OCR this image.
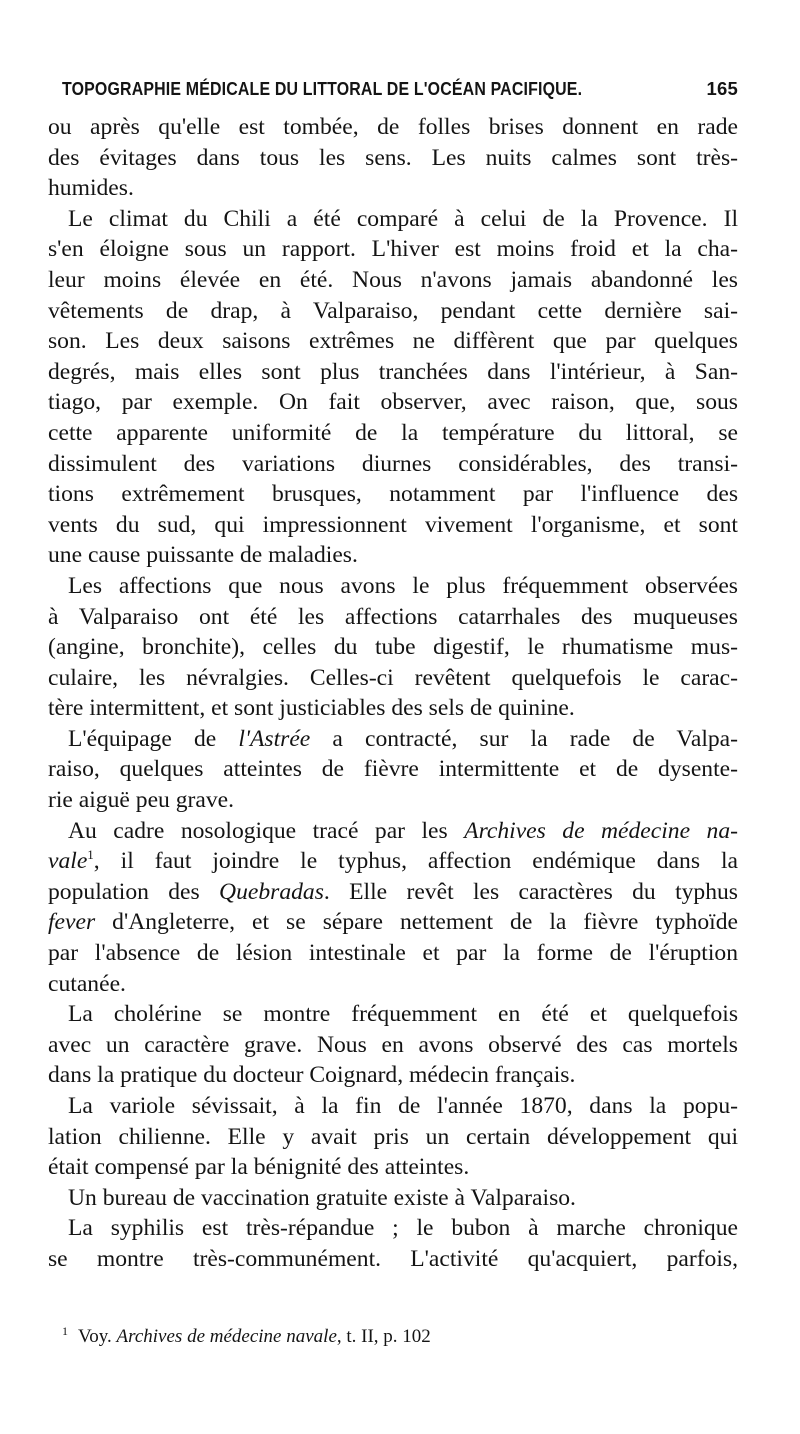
TOPOGRAPHIE MÉDICALE DU LITTORAL DE L'OCÉAN PACIFIQUE.	165
ou après qu'elle est tombée, de folles brises donnent en rade
des évitages dans tous les sens. Les nuits calmes sont très-
humides.
Le climat du Chili a été comparé à celui de la Provence. Il
s'en éloigne sous un rapport. L'hiver est moins froid et la cha-
leur moins élevée en été. Nous n'avons jamais abandonné les
vêtements de drap, à Valparaiso, pendant cette dernière sai-
son. Les deux saisons extrêmes ne diffèrent que par quelques
degrés, mais elles sont plus tranchées dans l'intérieur, à San-
tiago, par exemple. On fait observer, avec raison, que, sous
cette apparente uniformité de la température du littoral, se
dissimulent des variations diurnes considérables, des transi-
tions extrêmement brusques, notamment par l'influence des
vents du sud, qui impressionnent vivement l'organisme, et sont
une cause puissante de maladies.
Les affections que nous avons le plus fréquemment observées
à Valparaiso ont été les affections catarrhales des muqueuses
(angine, bronchite), celles du tube digestif, le rhumatisme mus-
culaire, les névralgies. Celles-ci revêtent quelquefois le carac-
tère intermittent, et sont justiciables des sels de quinine.
L'équipage de l'Astrée a contracté, sur la rade de Valpa-
raiso, quelques atteintes de fièvre intermittente et de dysente-
rie aiguë peu grave.
Au cadre nosologique tracé par les Archives de médecine na-
vale$^1$, il faut joindre le typhus, affection endémique dans la
population des Quebradas. Elle revêt les caractères du typhus
fever d'Angleterre, et se sépare nettement de la fièvre typhoïde
par l'absence de lésion intestinale et par la forme de l'éruption
cutanée.
La cholérine se montre fréquemment en été et quelquefois
avec un caractère grave. Nous en avons observé des cas mortels
dans la pratique du docteur Coignard, médecin français.
La variole sévissait, à la fin de l'année 1870, dans la popu-
lation chilienne. Elle y avait pris un certain développement qui
était compensé par la bénignité des atteintes.
Un bureau de vaccination gratuite existe à Valparaiso.
La syphilis est très-répandue ; le bubon à marche chronique
se montre très-communément. L'activité qu'acquiert, parfois,
$^1$ Voy. Archives de médecine navale, t. II, p. 102
